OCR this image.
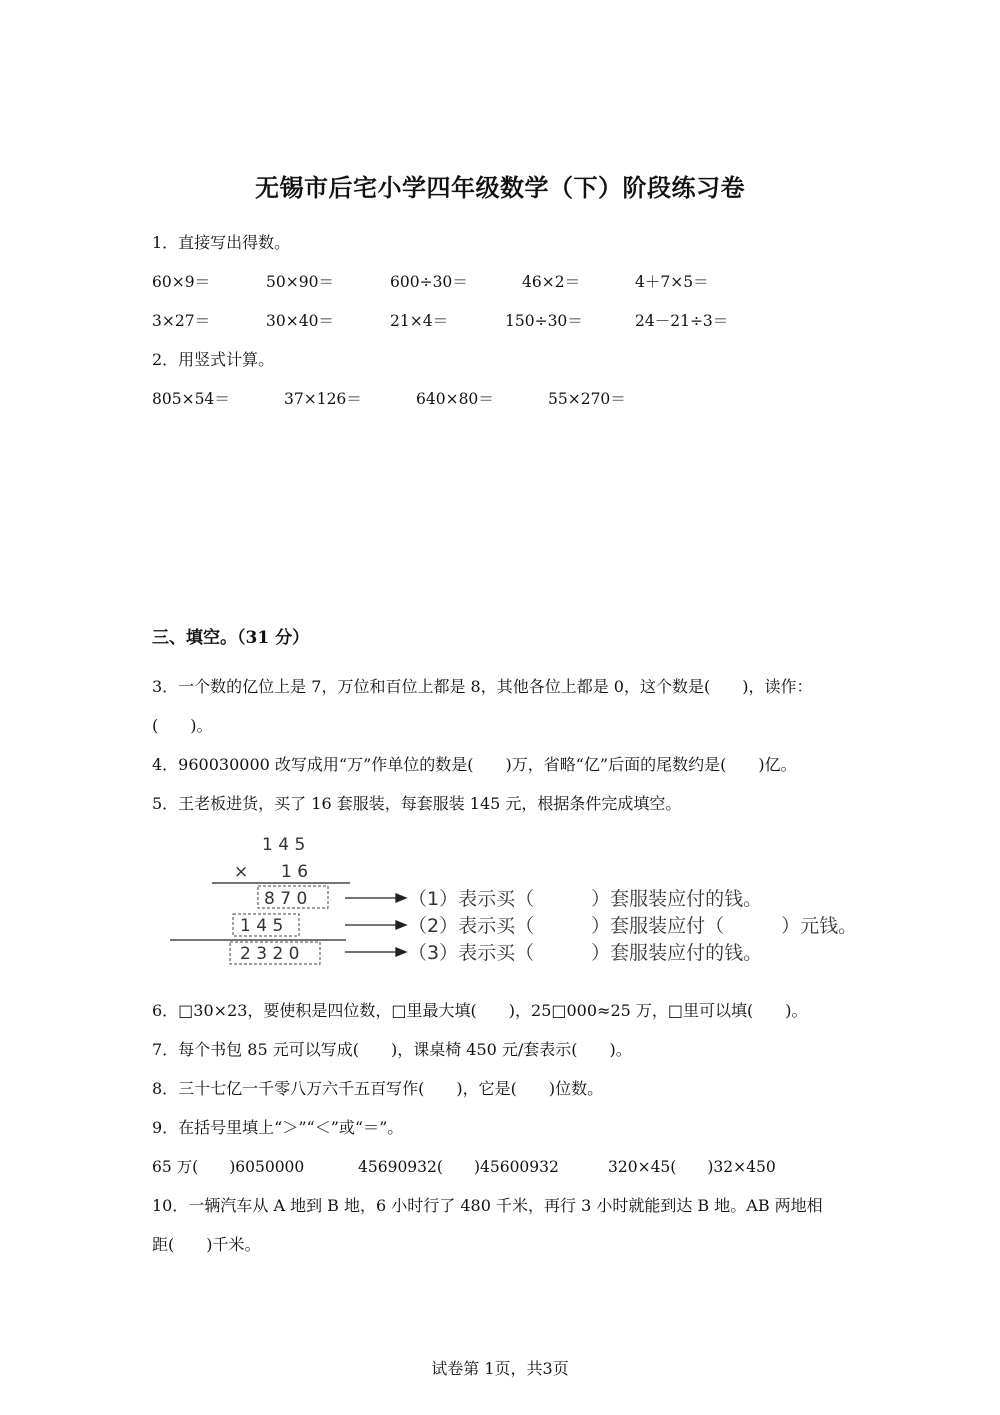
无锡市后宅小学四年级数学（下）阶段练习卷
1．直接写出得数。
60×9＝	50×90＝	600÷30＝	46×2＝	4＋7×5＝
3×27＝	30×40＝	21×4＝	150÷30＝	24－21÷3＝
2．用竖式计算。
805×54＝	37×126＝	640×80＝	55×270＝
三、填空。（31 分）
3．一个数的亿位上是 7，万位和百位上都是 8，其他各位上都是 0，这个数是(　　)，读作：
(　　)。
4．960030000 改写成用“万”作单位的数是(　　)万，省略“亿”后面的尾数约是(　　)亿。
5．王老板进货，买了 16 套服装，每套服装 145 元，根据条件完成填空。
1 4 5
× 1 6
8 7 0
1 4 5
2 3 2 0
（1）表示买（　　　）套服装应付的钱。
（2）表示买（　　　）套服装应付（　　　）元钱。
（3）表示买（　　　）套服装应付的钱。
6．□30×23，要使积是四位数，□里最大填(　　)，25□000≈25 万，□里可以填(　　)。
7．每个书包 85 元可以写成(　　)，课桌椅 450 元/套表示(　　)。
8．三十七亿一千零八万六千五百写作(　　)，它是(　　)位数。
9．在括号里填上“＞”“＜”或“＝”。
65 万(　　)6050000	45690932(　　)45600932	320×45(　　)32×450
10．一辆汽车从 A 地到 B 地，6 小时行了 480 千米，再行 3 小时就能到达 B 地。AB 两地相
距(　　)千米。
试卷第 1页，共3页
